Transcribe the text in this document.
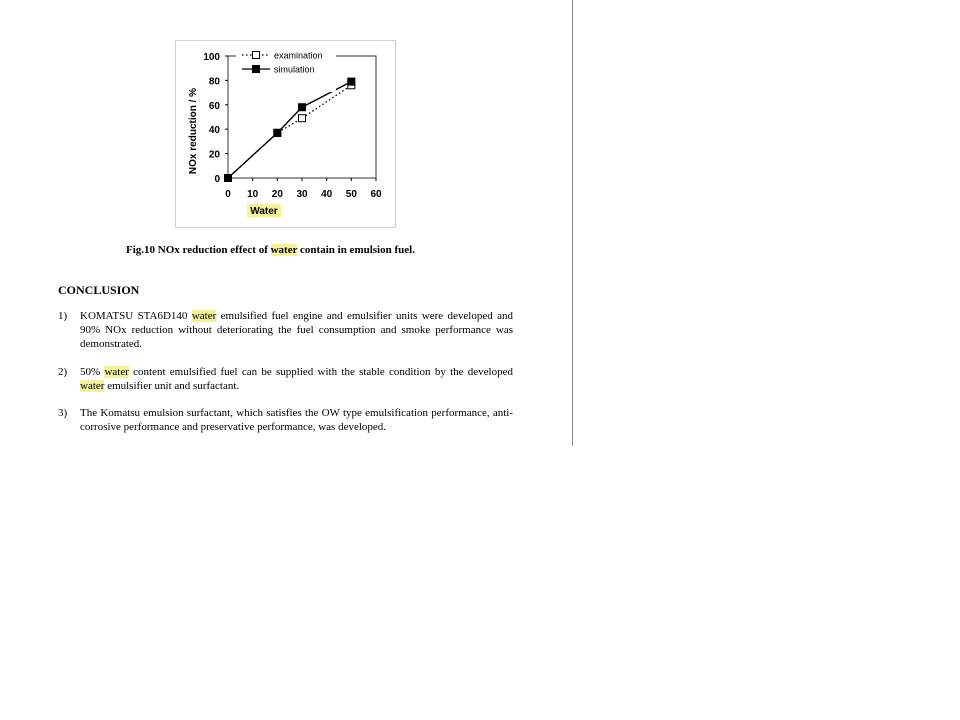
0
20
40
60
80
100
0 10 20 30 40 50 60
Water
NOx reduction / %
examination
simulation
Fig.10 NOx reduction effect of water contain in emulsion fuel.
CONCLUSION
1) KOMATSU STA6D140 water emulsified fuel engine and emulsifier units were developed and 90% NOx reduction without deteriorating the fuel consumption and smoke performance was demonstrated.
2) 50% water content emulsified fuel can be supplied with the stable condition by the developed water emulsifier unit and surfactant.
3) The Komatsu emulsion surfactant, which satisfies the OW type emulsification performance, anti-corrosive performance and preservative performance, was developed.
